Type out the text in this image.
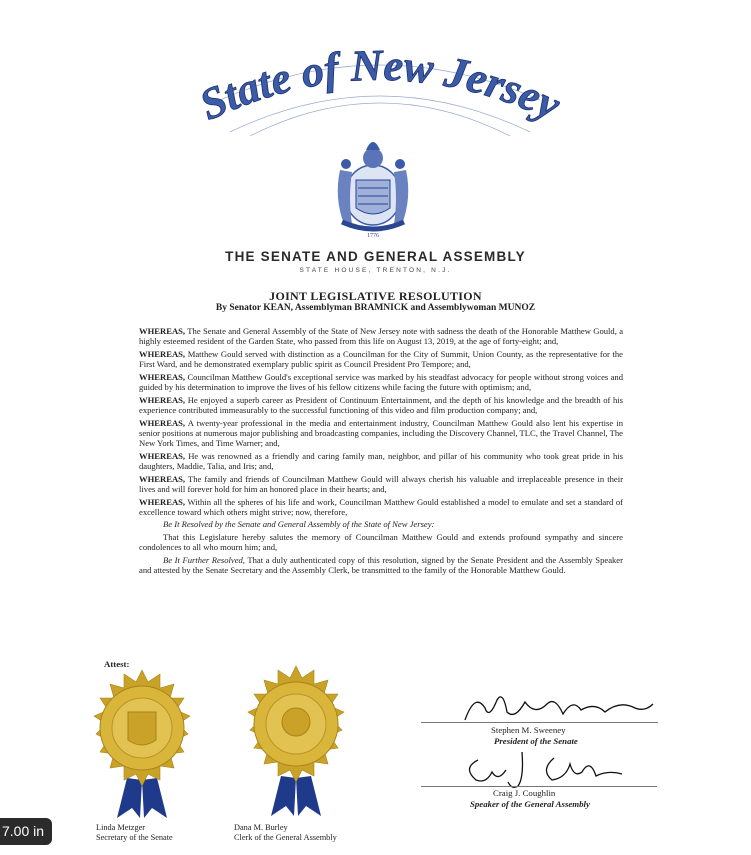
State of New Jersey
1776
THE SENATE AND GENERAL ASSEMBLY
STATE HOUSE, TRENTON, N.J.
JOINT LEGISLATIVE RESOLUTION
By Senator KEAN, Assemblyman BRAMNICK and Assemblywoman MUNOZ

WHEREAS, The Senate and General Assembly of the State of New Jersey note with sadness the death of the Honorable Matthew Gould, a highly esteemed resident of the Garden State, who passed from this life on August 13, 2019, at the age of forty-eight; and,

WHEREAS, Matthew Gould served with distinction as a Councilman for the City of Summit, Union County, as the representative for the First Ward, and he demonstrated exemplary public spirit as Council President Pro Tempore; and,

WHEREAS, Councilman Matthew Gould's exceptional service was marked by his steadfast advocacy for people without strong voices and guided by his determination to improve the lives of his fellow citizens while facing the future with optimism; and,

WHEREAS, He enjoyed a superb career as President of Continuum Entertainment, and the depth of his knowledge and the breadth of his experience contributed immeasurably to the successful functioning of this video and film production company; and,

WHEREAS, A twenty-year professional in the media and entertainment industry, Councilman Matthew Gould also lent his expertise in senior positions at numerous major publishing and broadcasting companies, including the Discovery Channel, TLC, the Travel Channel, The New York Times, and Time Warner; and,

WHEREAS, He was renowned as a friendly and caring family man, neighbor, and pillar of his community who took great pride in his daughters, Maddie, Talia, and Iris; and,

WHEREAS, The family and friends of Councilman Matthew Gould will always cherish his valuable and irreplaceable presence in their lives and will forever hold for him an honored place in their hearts; and,

WHEREAS, Within all the spheres of his life and work, Councilman Matthew Gould established a model to emulate and set a standard of excellence toward which others might strive; now, therefore,

Be It Resolved by the Senate and General Assembly of the State of New Jersey:

That this Legislature hereby salutes the memory of Councilman Matthew Gould and extends profound sympathy and sincere condolences to all who mourn him; and,

Be It Further Resolved, That a duly authenticated copy of this resolution, signed by the Senate President and the Assembly Speaker and attested by the Senate Secretary and the Assembly Clerk, be transmitted to the family of the Honorable Matthew Gould.

Attest:
Stephen M. Sweeney
President of the Senate
Craig J. Coughlin
Speaker of the General Assembly
Linda Metzger
Secretary of the Senate
Dana M. Burley
Clerk of the General Assembly
7.00 in
